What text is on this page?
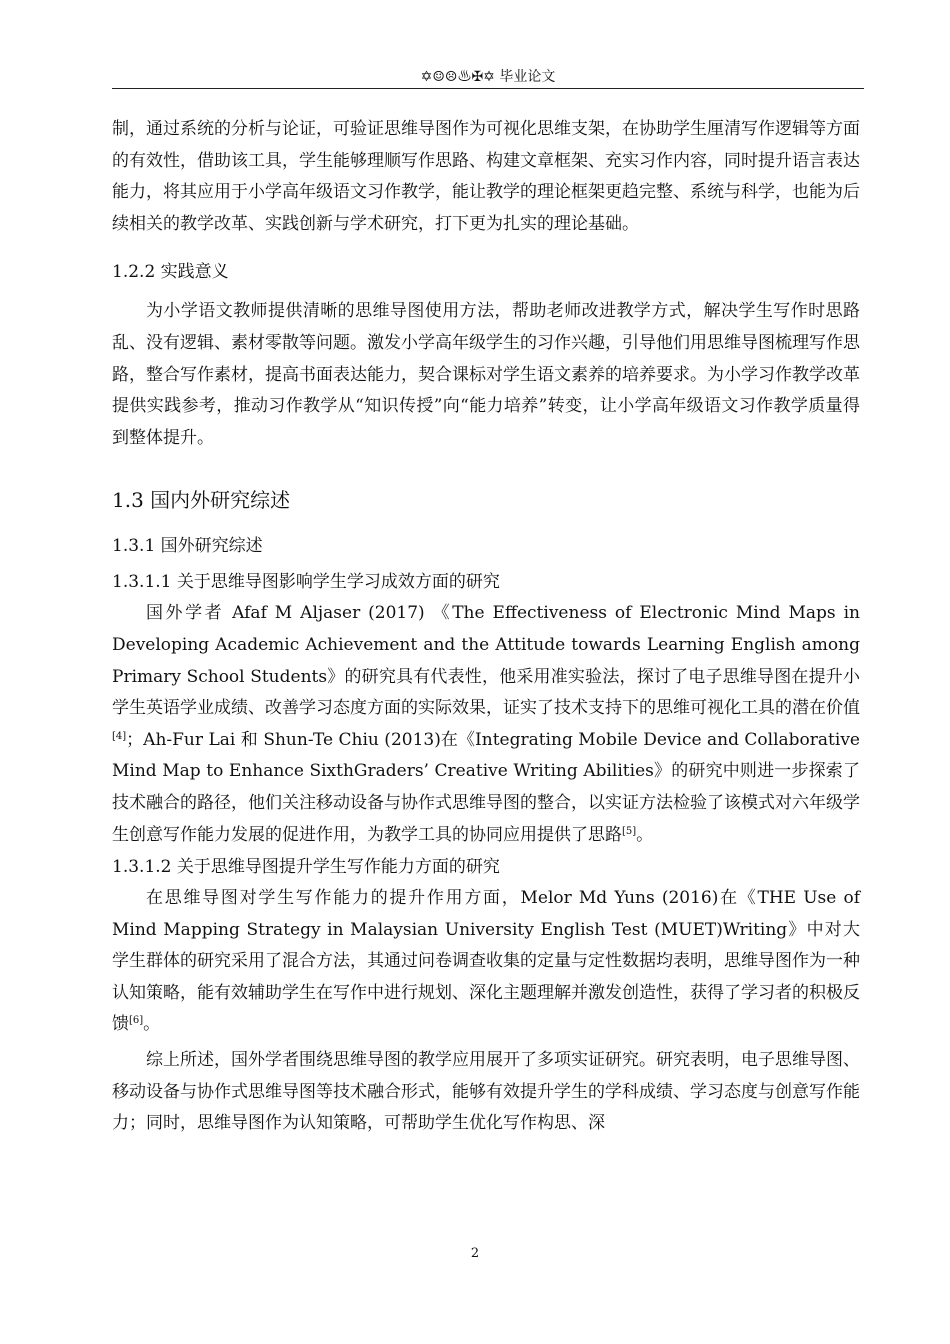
✡☺☹♨✠✡ 毕业论文

制，通过系统的分析与论证，可验证思维导图作为可视化思维支架，在协助学生厘清写作逻辑等方面的有效性，借助该工具，学生能够理顺写作思路、构建文章框架、充实习作内容，同时提升语言表达能力，将其应用于小学高年级语文习作教学，能让教学的理论框架更趋完整、系统与科学，也能为后续相关的教学改革、实践创新与学术研究，打下更为扎实的理论基础。

1.2.2 实践意义

为小学语文教师提供清晰的思维导图使用方法，帮助老师改进教学方式，解决学生写作时思路乱、没有逻辑、素材零散等问题。激发小学高年级学生的习作兴趣，引导他们用思维导图梳理写作思路，整合写作素材，提高书面表达能力，契合课标对学生语文素养的培养要求。为小学习作教学改革提供实践参考，推动习作教学从“知识传授”向“能力培养”转变，让小学高年级语文习作教学质量得到整体提升。

1.3 国内外研究综述
1.3.1 国外研究综述
1.3.1.1 关于思维导图影响学生学习成效方面的研究

国外学者 Afaf M Aljaser (2017) 《The Effectiveness of Electronic Mind Maps in Developing Academic Achievement and the Attitude towards Learning English among Primary School Students》的研究具有代表性，他采用准实验法，探讨了电子思维导图在提升小学生英语学业成绩、改善学习态度方面的实际效果，证实了技术支持下的思维可视化工具的潜在价值[4]；Ah-Fur Lai 和 Shun-Te Chiu (2013)在《Integrating Mobile Device and Collaborative Mind Map to Enhance SixthGraders’ Creative Writing Abilities》的研究中则进一步探索了技术融合的路径，他们关注移动设备与协作式思维导图的整合，以实证方法检验了该模式对六年级学生创意写作能力发展的促进作用，为教学工具的协同应用提供了思路[5]。

1.3.1.2 关于思维导图提升学生写作能力方面的研究

在思维导图对学生写作能力的提升作用方面，Melor Md Yuns (2016)在《THE Use of Mind Mapping Strategy in Malaysian University English Test (MUET)Writing》中对大学生群体的研究采用了混合方法，其通过问卷调查收集的定量与定性数据均表明，思维导图作为一种认知策略，能有效辅助学生在写作中进行规划、深化主题理解并激发创造性，获得了学习者的积极反馈[6]。

综上所述，国外学者围绕思维导图的教学应用展开了多项实证研究。研究表明，电子思维导图、移动设备与协作式思维导图等技术融合形式，能够有效提升学生的学科成绩、学习态度与创意写作能力；同时，思维导图作为认知策略，可帮助学生优化写作构思、深

2
